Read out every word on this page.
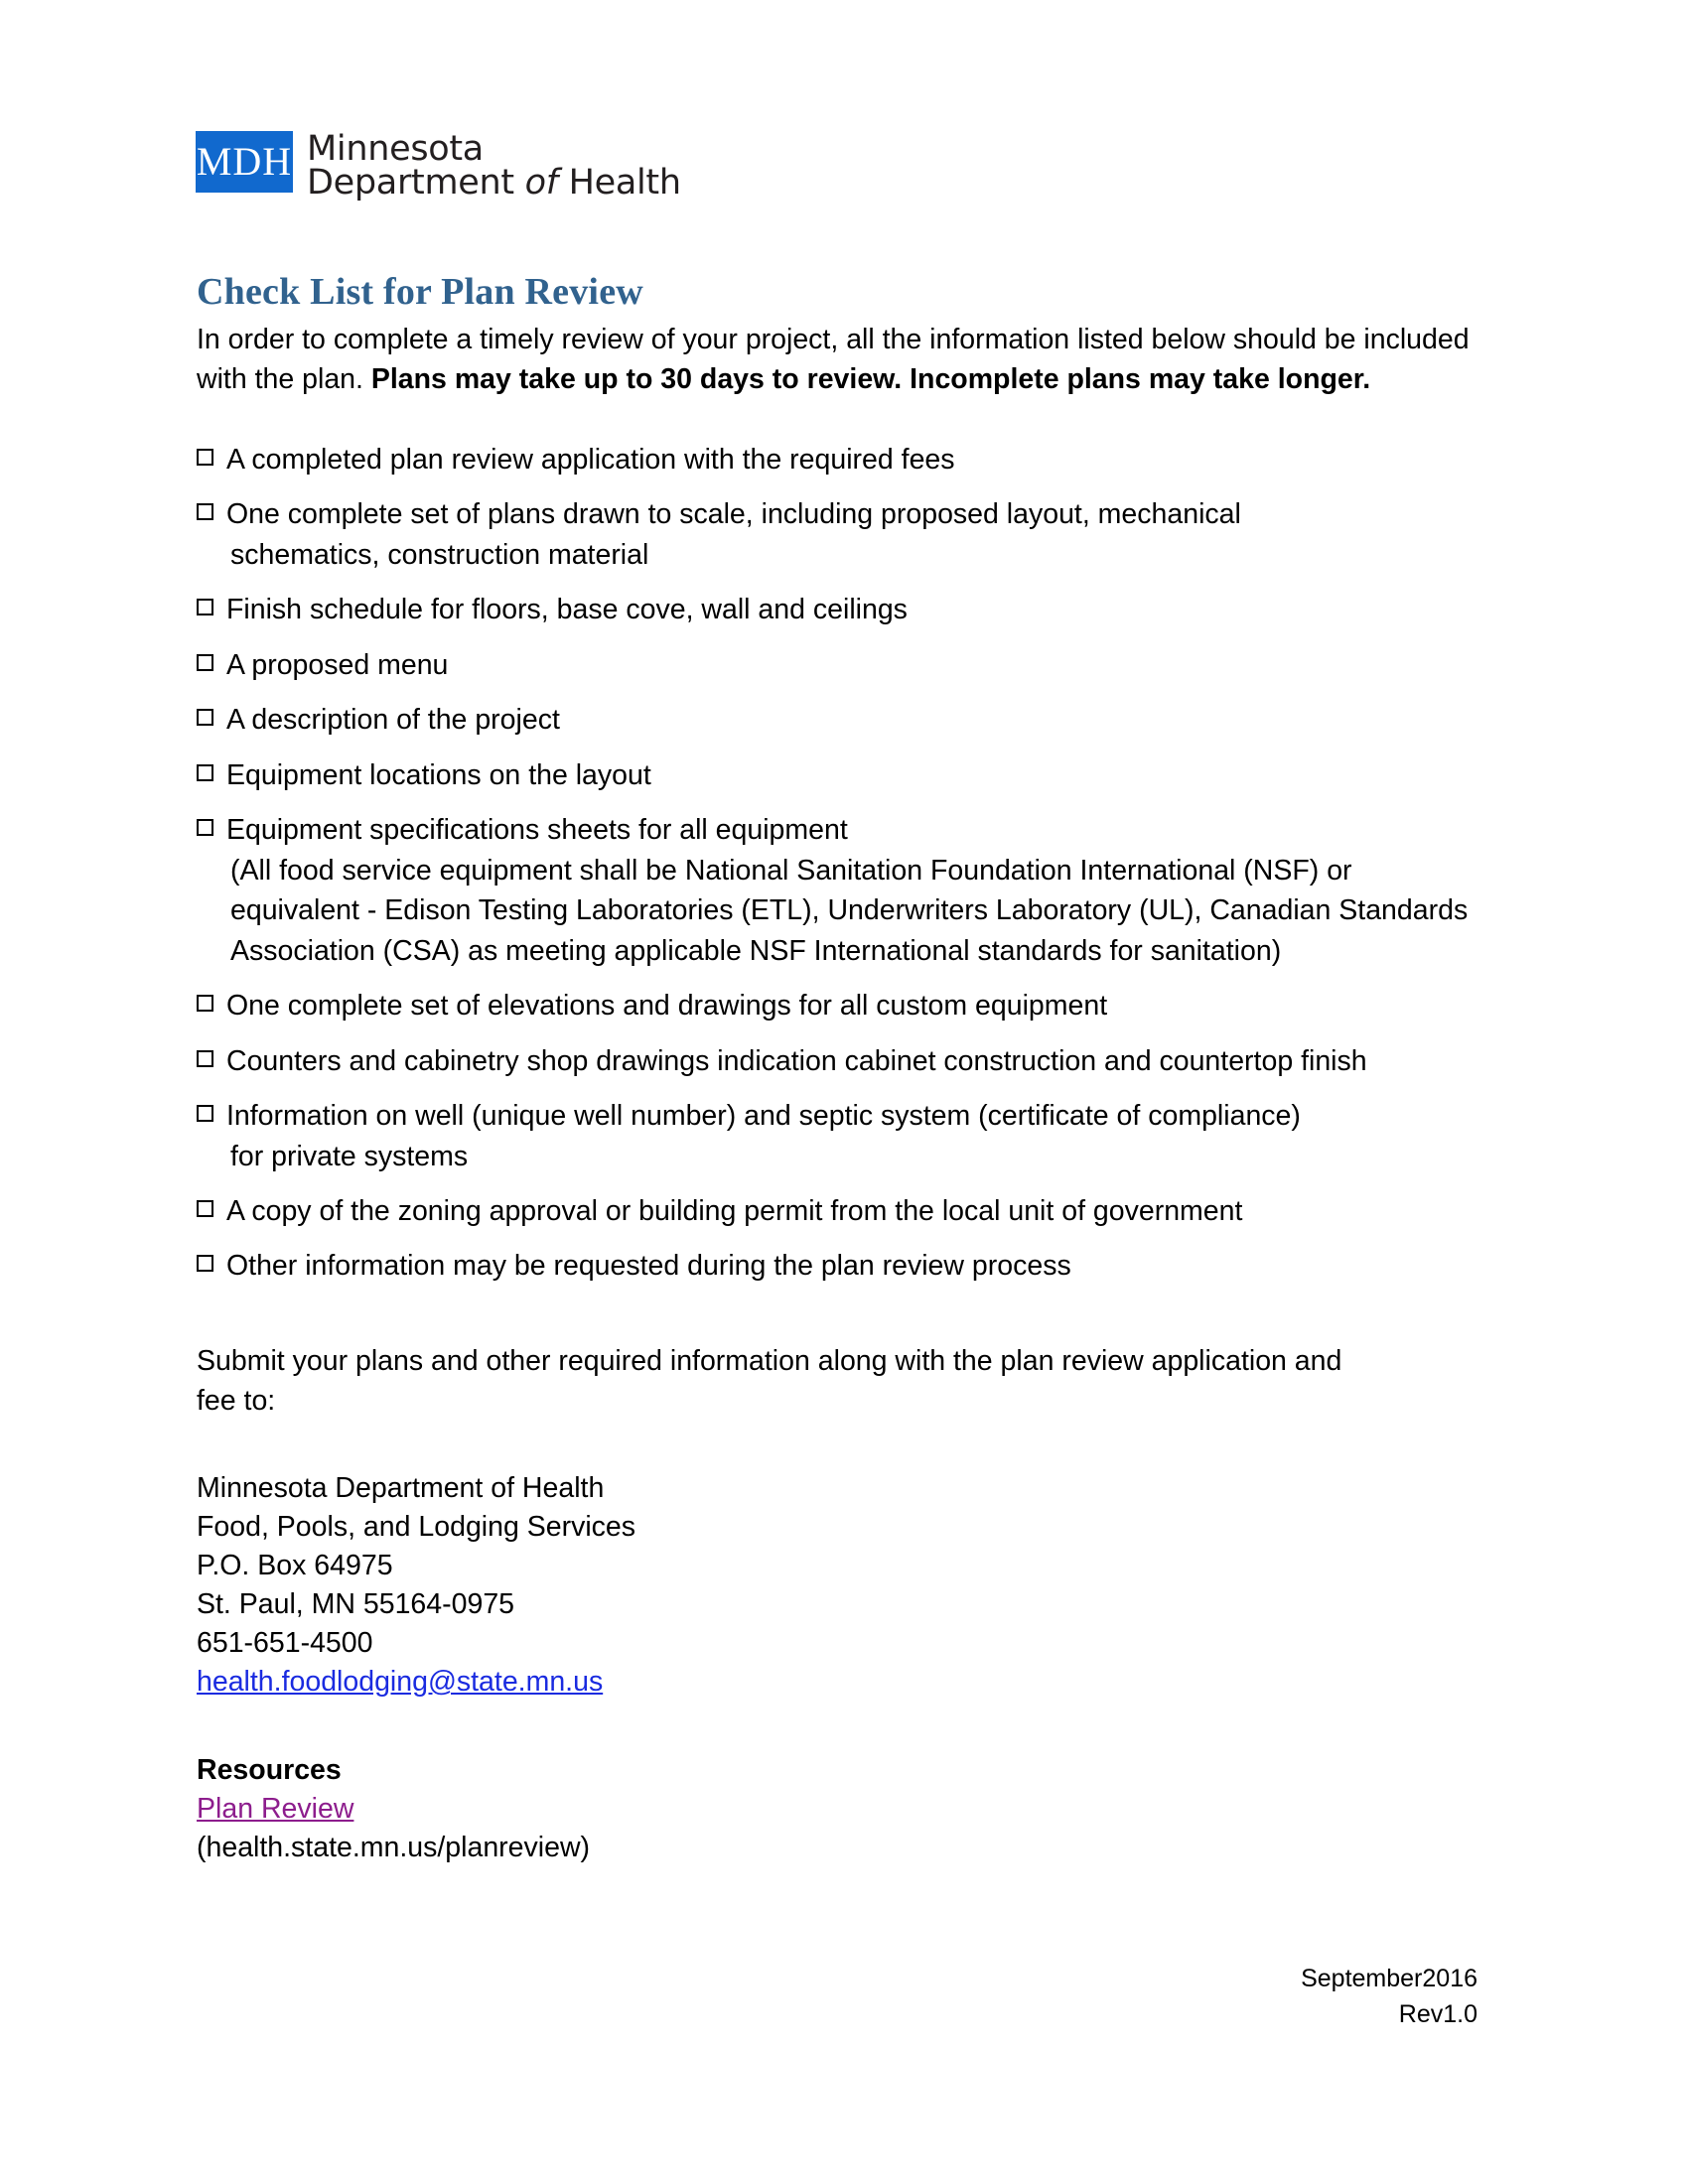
MDH Minnesota
Department of Health
Check List for Plan Review

In order to complete a timely review of your project, all the information listed below should be included with the plan. Plans may take up to 30 days to review. Incomplete plans may take longer.

A completed plan review application with the required fees
One complete set of plans drawn to scale, including proposed layout, mechanical
schematics, construction material
Finish schedule for floors, base cove, wall and ceilings
A proposed menu
A description of the project
Equipment locations on the layout
Equipment specifications sheets for all equipment
(All food service equipment shall be National Sanitation Foundation International (NSF) or equivalent - Edison Testing Laboratories (ETL), Underwriters Laboratory (UL), Canadian Standards Association (CSA) as meeting applicable NSF International standards for sanitation)
One complete set of elevations and drawings for all custom equipment
Counters and cabinetry shop drawings indication cabinet construction and countertop finish
Information on well (unique well number) and septic system (certificate of compliance)
for private systems
A copy of the zoning approval or building permit from the local unit of government
Other information may be requested during the plan review process

Submit your plans and other required information along with the plan review application and fee to:

Minnesota Department of Health
Food, Pools, and Lodging Services
P.O. Box 64975
St. Paul, MN 55164-0975
651-651-4500
health.foodlodging@state.mn.us
Resources
Plan Review
(health.state.mn.us/planreview)
September2016
Rev1.0
